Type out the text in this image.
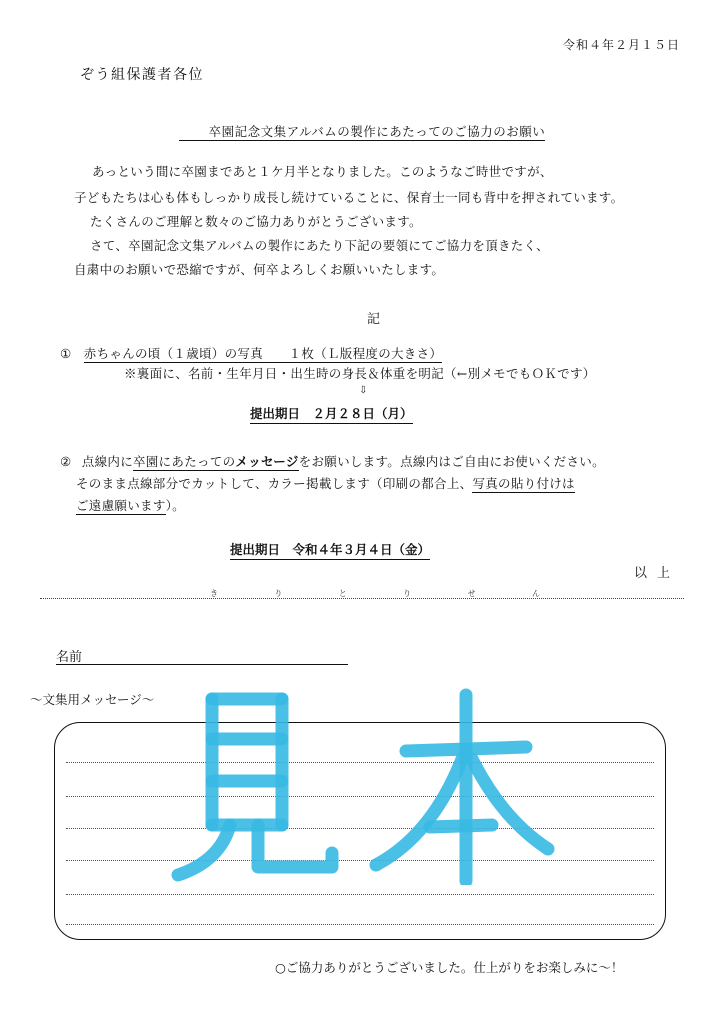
令和４年２月１５日
ぞう組保護者各位
卒園記念文集アルバムの製作にあたってのご協力のお願い
あっという間に卒園まであと１ケ月半となりました。このようなご時世ですが、
子どもたちは心も体もしっかり成長し続けていることに、保育士一同も背中を押されています。
たくさんのご理解と数々のご協力ありがとうございます。
さて、卒園記念文集アルバムの製作にあたり下記の要領にてご協力を頂きたく、
自粛中のお願いで恐縮ですが、何卒よろしくお願いいたします。
記
① 赤ちゃんの頃（１歳頃）の写真　　１枚（Ｌ版程度の大きさ）
※裏面に、名前・生年月日・出生時の身長＆体重を明記（←別メモでもＯＫです）
⇩
提出期日　２月２８日（月）
② 点線内に卒園にあたってのメッセージをお願いします。点線内はご自由にお使いください。
そのまま点線部分でカットして、カラー掲載します（印刷の都合上、写真の貼り付けは
ご遠慮願います）。
提出期日　令和４年３月４日（金）
以上
き	り	と	り	せ	ん
名前
～文集用メッセージ～
○ご協力ありがとうございました。仕上がりをお楽しみに～！
